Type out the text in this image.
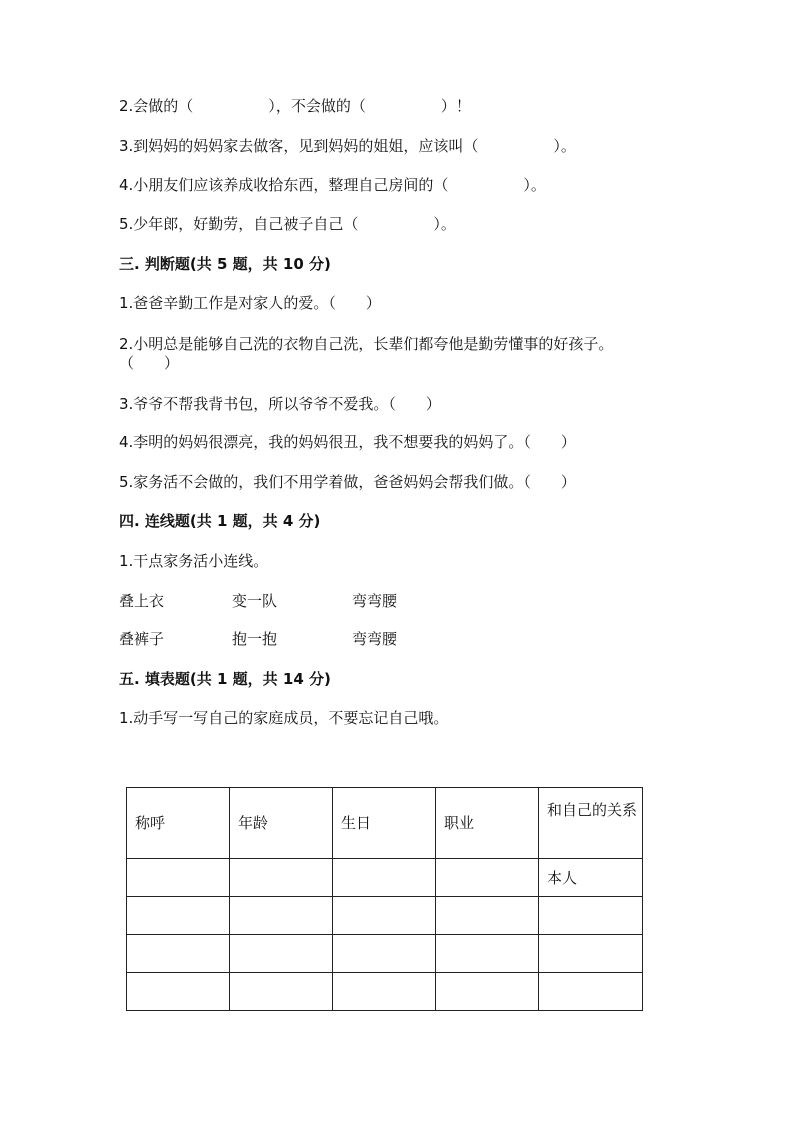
2.会做的（　　　　　），不会做的（　　　　　）！
3.到妈妈的妈妈家去做客，见到妈妈的姐姐，应该叫（　　　　　）。
4.小朋友们应该养成收拾东西，整理自己房间的（　　　　　）。
5.少年郎，好勤劳，自己被子自己（　　　　　）。
三. 判断题(共 5 题，共 10 分)
1.爸爸辛勤工作是对家人的爱。（　　）
2.小明总是能够自己洗的衣物自己洗，长辈们都夸他是勤劳懂事的好孩子。
（　　）
3.爷爷不帮我背书包，所以爷爷不爱我。（　　）
4.李明的妈妈很漂亮，我的妈妈很丑，我不想要我的妈妈了。（　　）
5.家务活不会做的，我们不用学着做，爸爸妈妈会帮我们做。（　　）
四. 连线题(共 1 题，共 4 分)
1.干点家务活小连线。
叠上衣	变一队	弯弯腰
叠裤子	抱一抱	弯弯腰
五. 填表题(共 1 题，共 14 分)
1.动手写一写自己的家庭成员，不要忘记自己哦。
称呼	年龄	生日	职业	和自己的关系
				本人
